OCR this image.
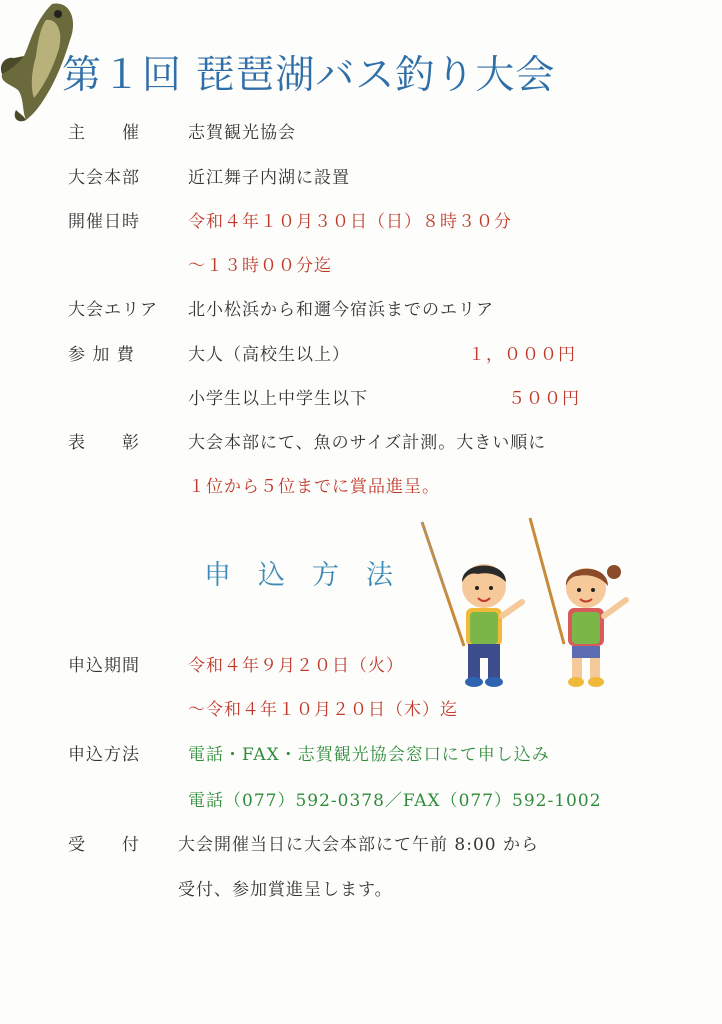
第１回 琵琶湖バス釣り大会
主　　催	志賀観光協会
大会本部	近江舞子内湖に設置
開催日時	令和４年１０月３０日（日）８時３０分
～１３時００分迄
大会エリア 北小松浜から和邇今宿浜までのエリア
参 加 費	大人（高校生以上）	１，０００円
小学生以上中学生以下	５００円
表　　彰	大会本部にて、魚のサイズ計測。大きい順に
１位から５位までに賞品進呈。
申　込　方　法
申込期間	令和４年９月２０日（火）
～令和４年１０月２０日（木）迄
申込方法	電話・FAX・志賀観光協会窓口にて申し込み
電話（077）592-0378／FAX（077）592-1002
受　　付 大会開催当日に大会本部にて午前 8:00 から
受付、参加賞進呈します。
